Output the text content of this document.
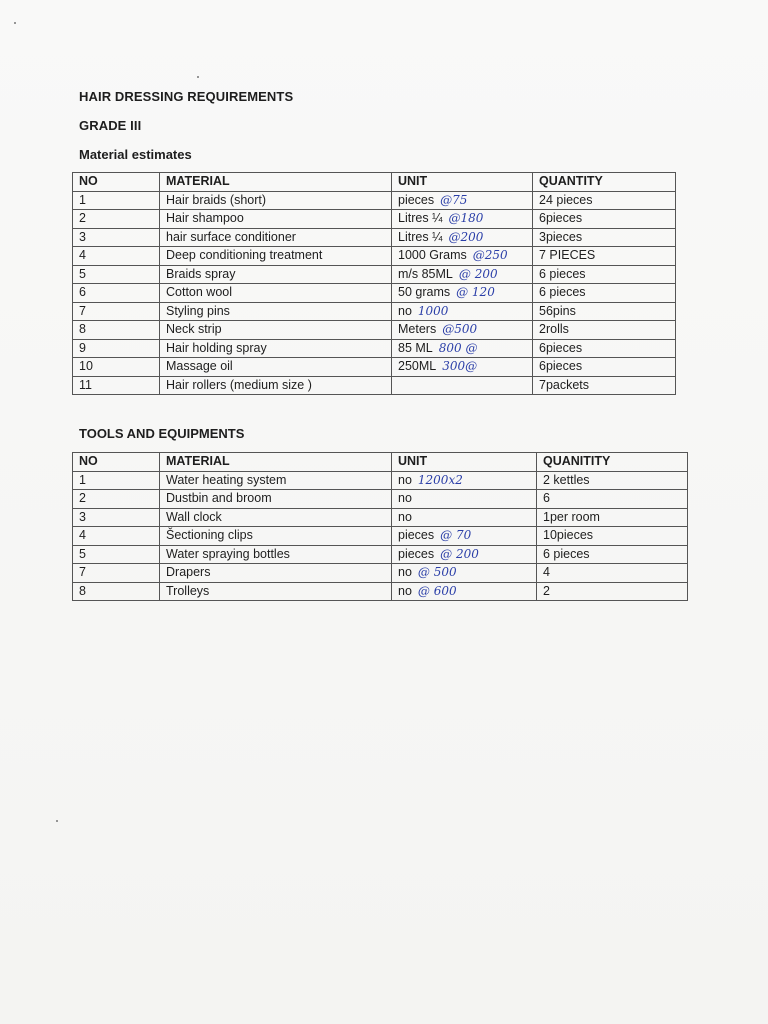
HAIR DRESSING REQUIREMENTS
GRADE III
Material estimates
NO	MATERIAL	UNIT	QUANTITY
1	Hair braids (short)	pieces @75	24 pieces
2	Hair shampoo	Litres ¼ @180	6pieces
3	hair surface conditioner	Litres ¼ @200	3pieces
4	Deep conditioning treatment	1000 Grams @250	7 PIECES
5	Braids spray	m/s 85ML @ 200	6 pieces
6	Cotton wool	50 grams @ 120	6 pieces
7	Styling pins	no 1000	56pins
8	Neck strip	Meters @500	2rolls
9	Hair holding spray	85 ML 800 @	6pieces
10	Massage oil	250ML 300@	6pieces
11	Hair rollers (medium size )		7packets
TOOLS AND EQUIPMENTS
NO	MATERIAL	UNIT	QUANITITY
1	Water heating system	no 1200x2	2 kettles
2	Dustbin and broom	no	6
3	Wall clock	no	1per room
4	Šectioning clips	pieces @ 70	10pieces
5	Water spraying bottles	pieces @ 200	6 pieces
7	Drapers	no @ 500	4
8	Trolleys	no @ 600	2
